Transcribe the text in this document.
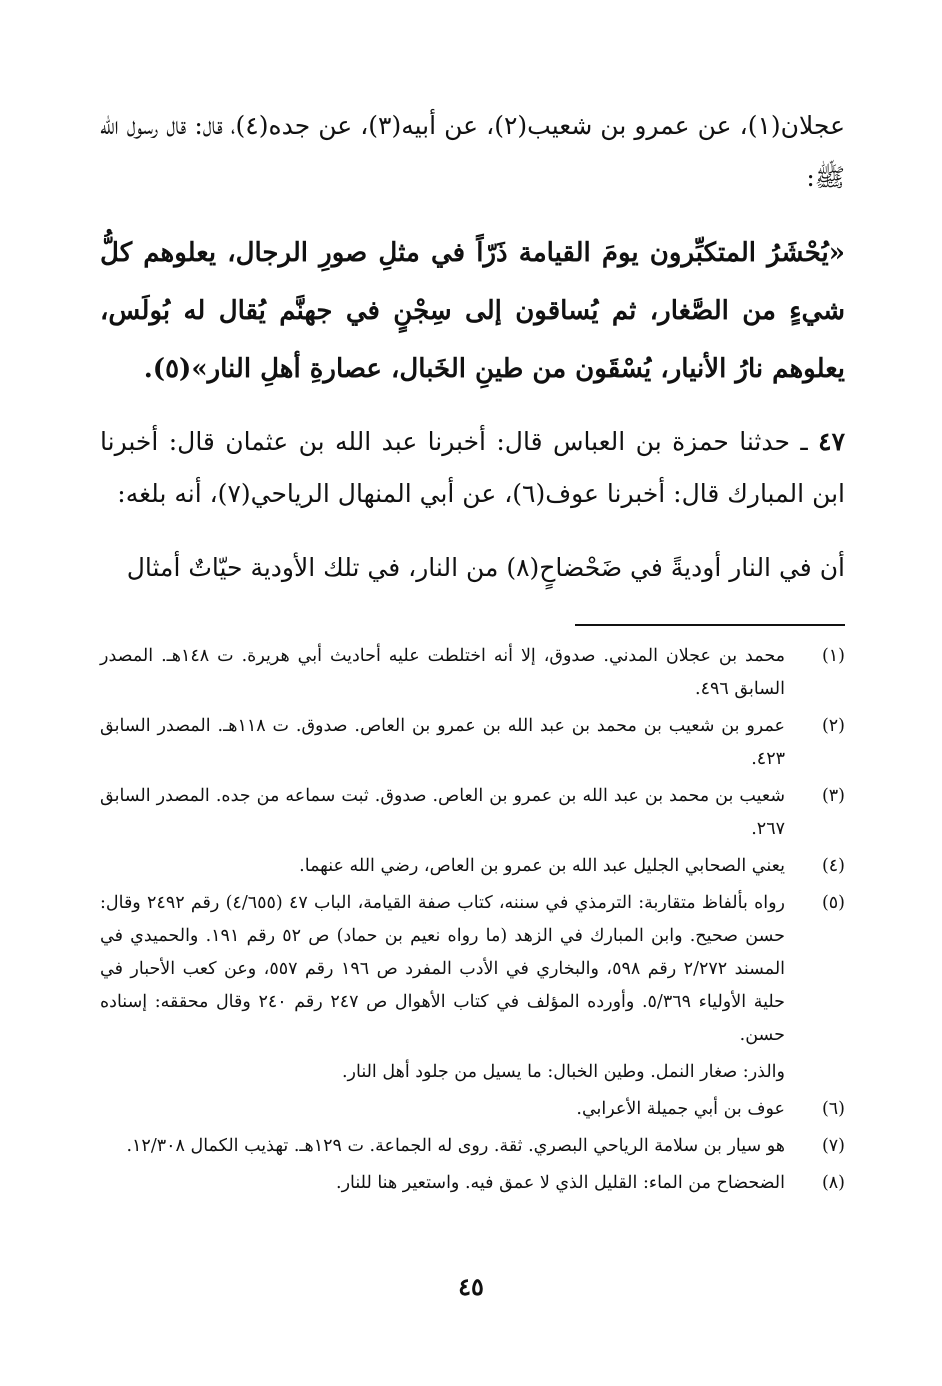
عجلان(١)، عن عمرو بن شعيب(٢)، عن أبيه(٣)، عن جده(٤)، قال: قال رسول الله ﷺ:

«يُحْشَرُ المتكبِّرون يومَ القيامة ذَرّاً في مثلِ صورِ الرجال، يعلوهم كلُّ شيءٍ من الصَّغار، ثم يُساقون إلى سِجْنٍ في جهنَّم يُقال له بُولَس، يعلوهم نارُ الأنيار، يُسْقَون من طينِ الخَبال، عصارةِ أهلِ النار»(٥).

٤٧ ـ حدثنا حمزة بن العباس قال: أخبرنا عبد الله بن عثمان قال: أخبرنا ابن المبارك قال: أخبرنا عوف(٦)، عن أبي المنهال الرياحي(٧)، أنه بلغه:

أن في النار أوديةً في ضَحْضاحٍ(٨) من النار، في تلك الأودية حيّاتٌ أمثال

(١)
محمد بن عجلان المدني. صدوق، إلا أنه اختلطت عليه أحاديث أبي هريرة. ت ١٤٨هـ. المصدر السابق ٤٩٦.
(٢)
عمرو بن شعيب بن محمد بن عبد الله بن عمرو بن العاص. صدوق. ت ١١٨هـ. المصدر السابق ٤٢٣.
(٣)
شعيب بن محمد بن عبد الله بن عمرو بن العاص. صدوق. ثبت سماعه من جده. المصدر السابق ٢٦٧.
(٤)
يعني الصحابي الجليل عبد الله بن عمرو بن العاص، رضي الله عنهما.
(٥)
رواه بألفاظ متقاربة: الترمذي في سننه، كتاب صفة القيامة، الباب ٤٧ (٤/٦٥٥) رقم ٢٤٩٢ وقال: حسن صحيح. وابن المبارك في الزهد (ما رواه نعيم بن حماد) ص ٥٢ رقم ١٩١. والحميدي في المسند ٢/٢٧٢ رقم ٥٩٨، والبخاري في الأدب المفرد ص ١٩٦ رقم ٥٥٧، وعن كعب الأحبار في حلية الأولياء ٥/٣٦٩. وأورده المؤلف في كتاب الأهوال ص ٢٤٧ رقم ٢٤٠ وقال محققه: إسناده حسن.
والذر: صغار النمل. وطين الخبال: ما يسيل من جلود أهل النار.
(٦)
عوف بن أبي جميلة الأعرابي.
(٧)
هو سيار بن سلامة الرياحي البصري. ثقة. روى له الجماعة. ت ١٢٩هـ. تهذيب الكمال ١٢/٣٠٨.
(٨)
الضحضاح من الماء: القليل الذي لا عمق فيه. واستعير هنا للنار.
٤٥
